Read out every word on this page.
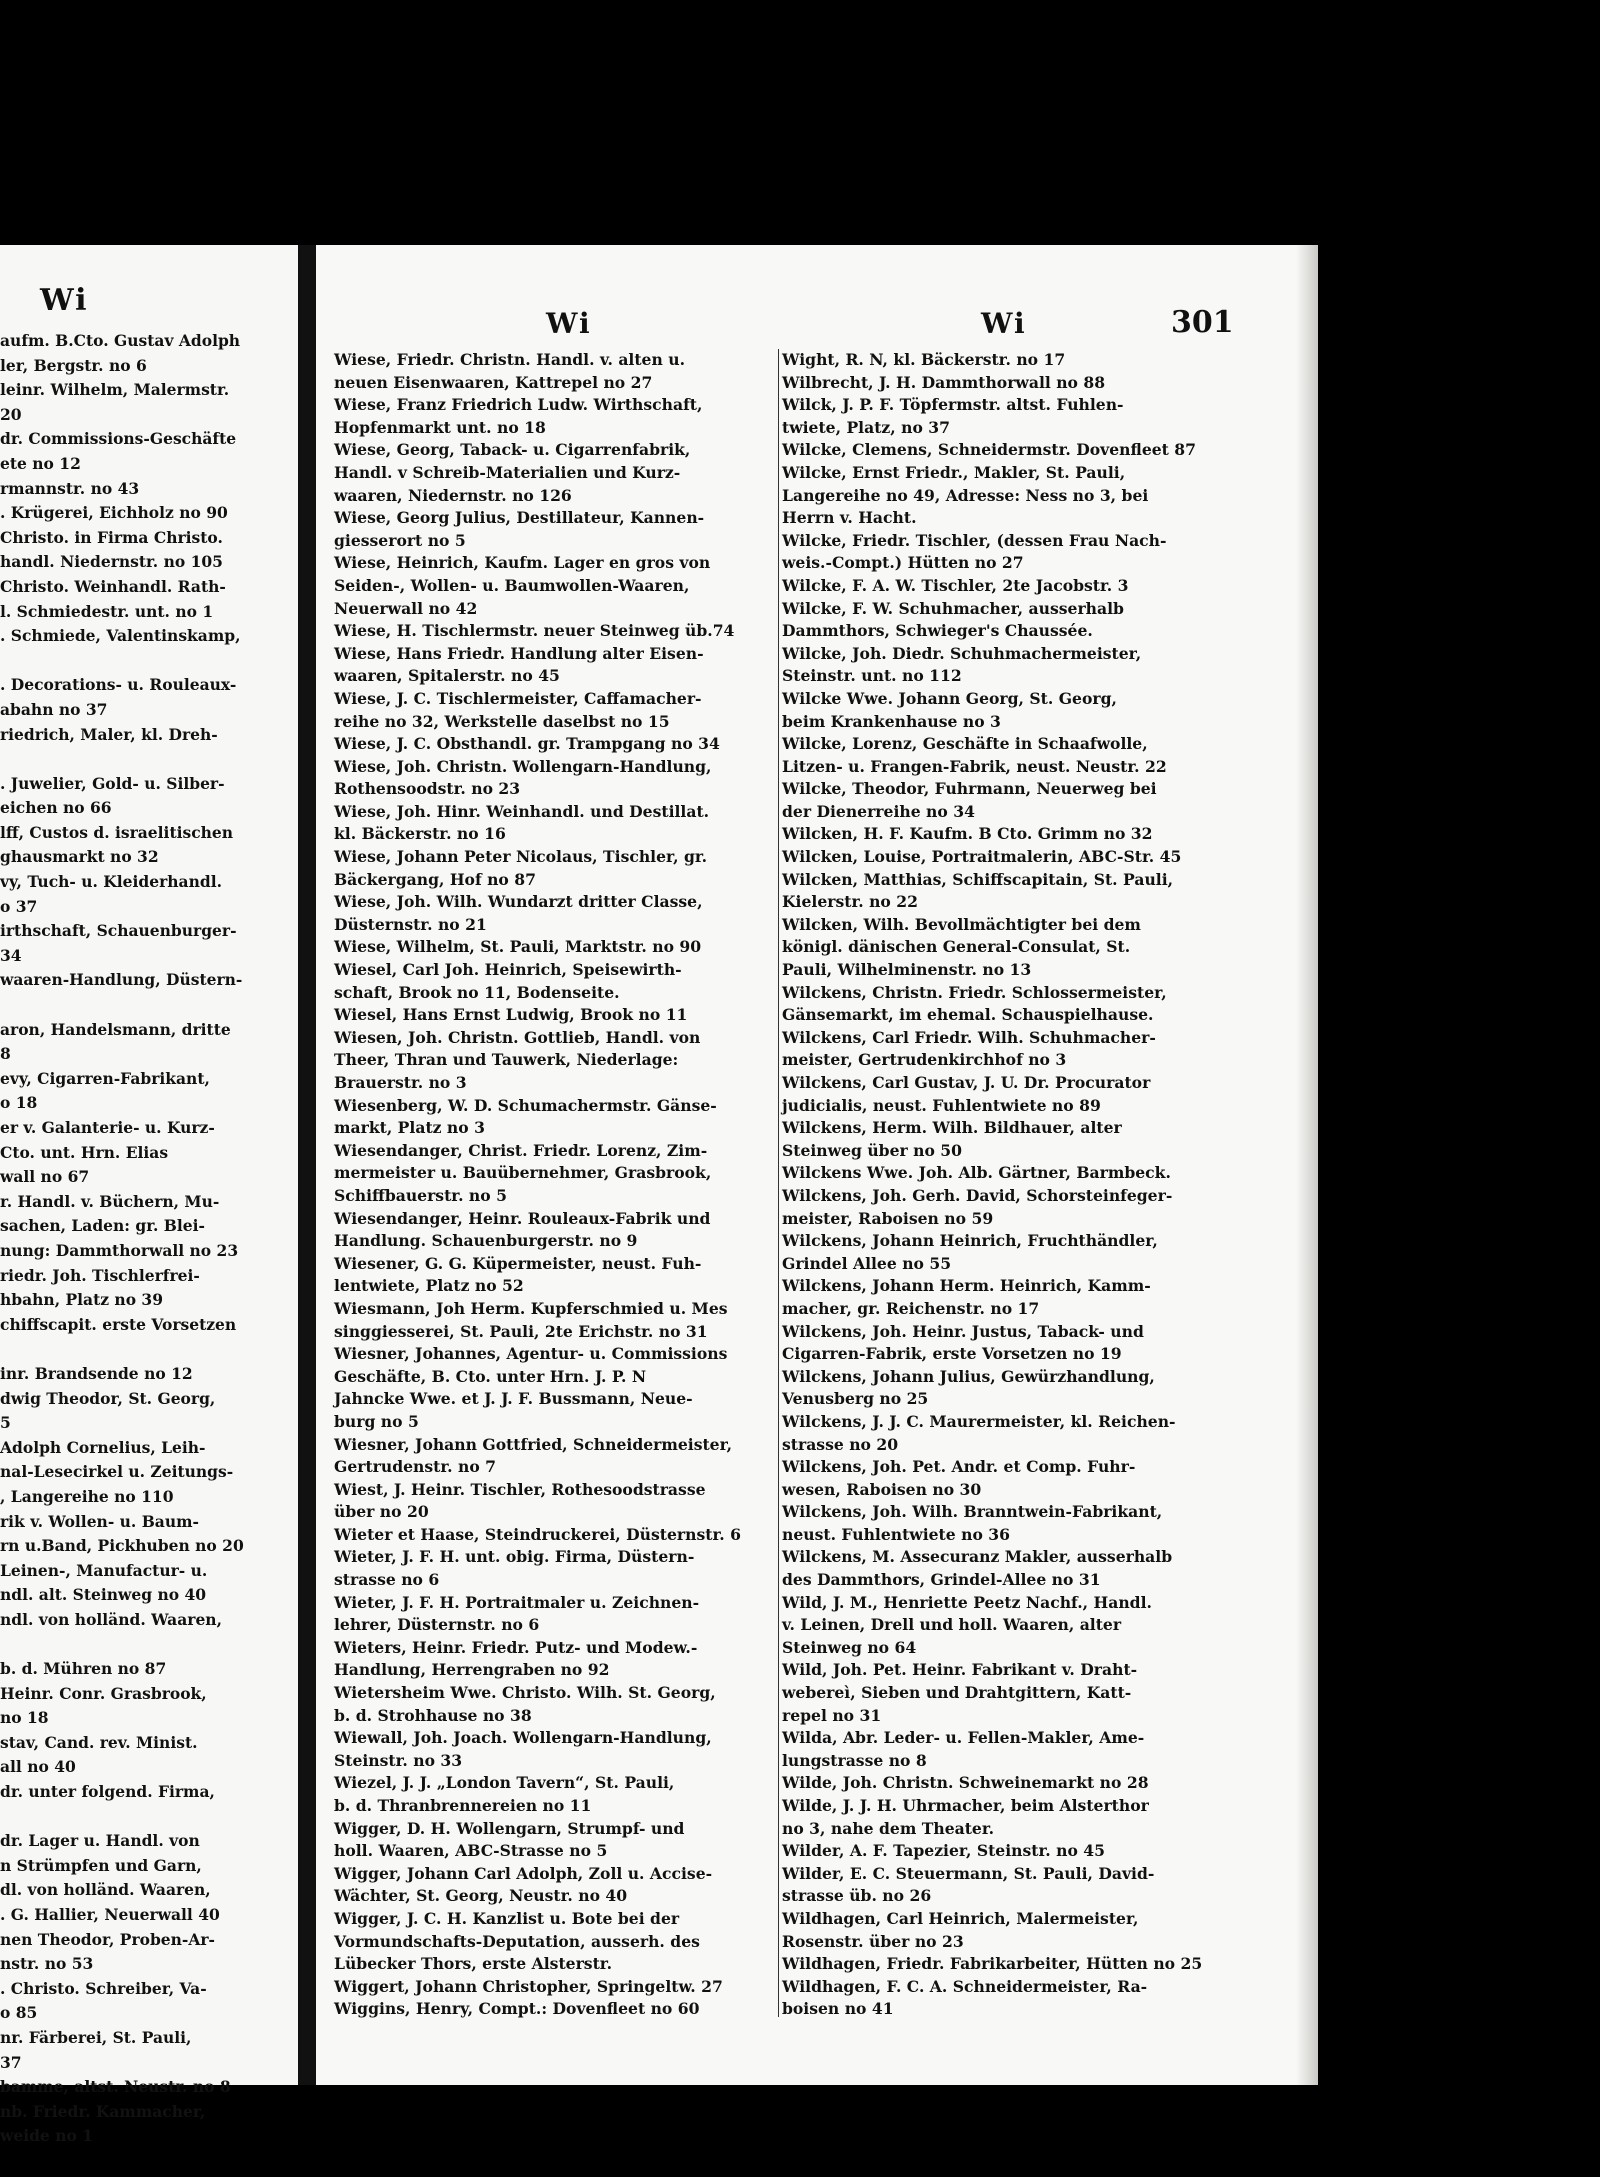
Wi
aufm. B.Cto. Gustav Adolph
ler, Bergstr. no 6
leinr. Wilhelm, Malermstr.
20
dr. Commissions-Geschäfte
ete no 12
rmannstr. no 43
. Krügerei, Eichholz no 90
Christo. in Firma Christo.
handl. Niedernstr. no 105
Christo. Weinhandl. Rath-
l. Schmiedestr. unt. no 1
. Schmiede, Valentinskamp,
. Decorations- u. Rouleaux-
abahn no 37
riedrich, Maler, kl. Dreh-
. Juwelier, Gold- u. Silber-
eichen no 66
lff, Custos d. israelitischen
ghausmarkt no 32
vy, Tuch- u. Kleiderhandl.
o 37
irthschaft, Schauenburger-
34
waaren-Handlung, Düstern-
aron, Handelsmann, dritte
8
evy, Cigarren-Fabrikant,
o 18
er v. Galanterie- u. Kurz-
Cto. unt. Hrn. Elias
wall no 67
r. Handl. v. Büchern, Mu-
sachen, Laden: gr. Blei-
nung: Dammthorwall no 23
riedr. Joh. Tischlerfrei-
hbahn, Platz no 39
chiffscapit. erste Vorsetzen
inr. Brandsende no 12
dwig Theodor, St. Georg,
5
Adolph Cornelius, Leih-
nal-Lesecirkel u. Zeitungs-
, Langereihe no 110
rik v. Wollen- u. Baum-
rn u.Band, Pickhuben no 20
Leinen-, Manufactur- u.
ndl. alt. Steinweg no 40
ndl. von holländ. Waaren,
b. d. Mühren no 87
Heinr. Conr. Grasbrook,
no 18
stav, Cand. rev. Minist.
all no 40
dr. unter folgend. Firma,
dr. Lager u. Handl. von
n Strümpfen und Garn,
dl. von holländ. Waaren,
. G. Hallier, Neuerwall 40
nen Theodor, Proben-Ar-
nstr. no 53
. Christo. Schreiber, Va-
o 85
nr. Färberei, St. Pauli,
37
bamme, altst. Neustr. no 8
nb. Friedr. Kammacher,
weide no 1
Wi	Wi	301
Wiese, Friedr. Christn. Handl. v. alten u.
neuen Eisenwaaren, Kattrepel no 27
Wiese, Franz Friedrich Ludw. Wirthschaft,
Hopfenmarkt unt. no 18
Wiese, Georg, Taback- u. Cigarrenfabrik,
Handl. v Schreib-Materialien und Kurz-
waaren, Niedernstr. no 126
Wiese, Georg Julius, Destillateur, Kannen-
giesserort no 5
Wiese, Heinrich, Kaufm. Lager en gros von
Seiden-, Wollen- u. Baumwollen-Waaren,
Neuerwall no 42
Wiese, H. Tischlermstr. neuer Steinweg üb.74
Wiese, Hans Friedr. Handlung alter Eisen-
waaren, Spitalerstr. no 45
Wiese, J. C. Tischlermeister, Caffamacher-
reihe no 32, Werkstelle daselbst no 15
Wiese, J. C. Obsthandl. gr. Trampgang no 34
Wiese, Joh. Christn. Wollengarn-Handlung,
Rothensoodstr. no 23
Wiese, Joh. Hinr. Weinhandl. und Destillat.
kl. Bäckerstr. no 16
Wiese, Johann Peter Nicolaus, Tischler, gr.
Bäckergang, Hof no 87
Wiese, Joh. Wilh. Wundarzt dritter Classe,
Düsternstr. no 21
Wiese, Wilhelm, St. Pauli, Marktstr. no 90
Wiesel, Carl Joh. Heinrich, Speisewirth-
schaft, Brook no 11, Bodenseite.
Wiesel, Hans Ernst Ludwig, Brook no 11
Wiesen, Joh. Christn. Gottlieb, Handl. von
Theer, Thran und Tauwerk, Niederlage:
Brauerstr. no 3
Wiesenberg, W. D. Schumachermstr. Gänse-
markt, Platz no 3
Wiesendanger, Christ. Friedr. Lorenz, Zim-
mermeister u. Bauübernehmer, Grasbrook,
Schiffbauerstr. no 5
Wiesendanger, Heinr. Rouleaux-Fabrik und
Handlung. Schauenburgerstr. no 9
Wiesener, G. G. Küpermeister, neust. Fuh-
lentwiete, Platz no 52
Wiesmann, Joh Herm. Kupferschmied u. Mes
singgiesserei, St. Pauli, 2te Erichstr. no 31
Wiesner, Johannes, Agentur- u. Commissions
Geschäfte, B. Cto. unter Hrn. J. P. N
Jahncke Wwe. et J. J. F. Bussmann, Neue-
burg no 5
Wiesner, Johann Gottfried, Schneidermeister,
Gertrudenstr. no 7
Wiest, J. Heinr. Tischler, Rothesoodstrasse
über no 20
Wieter et Haase, Steindruckerei, Düsternstr. 6
Wieter, J. F. H. unt. obig. Firma, Düstern-
strasse no 6
Wieter, J. F. H. Portraitmaler u. Zeichnen-
lehrer, Düsternstr. no 6
Wieters, Heinr. Friedr. Putz- und Modew.-
Handlung, Herrengraben no 92
Wietersheim Wwe. Christo. Wilh. St. Georg,
b. d. Strohhause no 38
Wiewall, Joh. Joach. Wollengarn-Handlung,
Steinstr. no 33
Wiezel, J. J. „London Tavern“, St. Pauli,
b. d. Thranbrennereien no 11
Wigger, D. H. Wollengarn, Strumpf- und
holl. Waaren, ABC-Strasse no 5
Wigger, Johann Carl Adolph, Zoll u. Accise-
Wächter, St. Georg, Neustr. no 40
Wigger, J. C. H. Kanzlist u. Bote bei der
Vormundschafts-Deputation, ausserh. des
Lübecker Thors, erste Alsterstr.
Wiggert, Johann Christopher, Springeltw. 27
Wiggins, Henry, Compt.: Dovenfleet no 60
Wight, R. N, kl. Bäckerstr. no 17
Wilbrecht, J. H. Dammthorwall no 88
Wilck, J. P. F. Töpfermstr. altst. Fuhlen-
twiete, Platz, no 37
Wilcke, Clemens, Schneidermstr. Dovenfleet 87
Wilcke, Ernst Friedr., Makler, St. Pauli,
Langereihe no 49, Adresse: Ness no 3, bei
Herrn v. Hacht.
Wilcke, Friedr. Tischler, (dessen Frau Nach-
weis.-Compt.) Hütten no 27
Wilcke, F. A. W. Tischler, 2te Jacobstr. 3
Wilcke, F. W. Schuhmacher, ausserhalb
Dammthors, Schwieger's Chaussée.
Wilcke, Joh. Diedr. Schuhmachermeister,
Steinstr. unt. no 112
Wilcke Wwe. Johann Georg, St. Georg,
beim Krankenhause no 3
Wilcke, Lorenz, Geschäfte in Schaafwolle,
Litzen- u. Frangen-Fabrik, neust. Neustr. 22
Wilcke, Theodor, Fuhrmann, Neuerweg bei
der Dienerreihe no 34
Wilcken, H. F. Kaufm. B Cto. Grimm no 32
Wilcken, Louise, Portraitmalerin, ABC-Str. 45
Wilcken, Matthias, Schiffscapitain, St. Pauli,
Kielerstr. no 22
Wilcken, Wilh. Bevollmächtigter bei dem
königl. dänischen General-Consulat, St.
Pauli, Wilhelminenstr. no 13
Wilckens, Christn. Friedr. Schlossermeister,
Gänsemarkt, im ehemal. Schauspielhause.
Wilckens, Carl Friedr. Wilh. Schuhmacher-
meister, Gertrudenkirchhof no 3
Wilckens, Carl Gustav, J. U. Dr. Procurator
judicialis, neust. Fuhlentwiete no 89
Wilckens, Herm. Wilh. Bildhauer, alter
Steinweg über no 50
Wilckens Wwe. Joh. Alb. Gärtner, Barmbeck.
Wilckens, Joh. Gerh. David, Schorsteinfeger-
meister, Raboisen no 59
Wilckens, Johann Heinrich, Fruchthändler,
Grindel Allee no 55
Wilckens, Johann Herm. Heinrich, Kamm-
macher, gr. Reichenstr. no 17
Wilckens, Joh. Heinr. Justus, Taback- und
Cigarren-Fabrik, erste Vorsetzen no 19
Wilckens, Johann Julius, Gewürzhandlung,
Venusberg no 25
Wilckens, J. J. C. Maurermeister, kl. Reichen-
strasse no 20
Wilckens, Joh. Pet. Andr. et Comp. Fuhr-
wesen, Raboisen no 30
Wilckens, Joh. Wilh. Branntwein-Fabrikant,
neust. Fuhlentwiete no 36
Wilckens, M. Assecuranz Makler, ausserhalb
des Dammthors, Grindel-Allee no 31
Wild, J. M., Henriette Peetz Nachf., Handl.
v. Leinen, Drell und holl. Waaren, alter
Steinweg no 64
Wild, Joh. Pet. Heinr. Fabrikant v. Draht-
webereì, Sieben und Drahtgittern, Katt-
repel no 31
Wilda, Abr. Leder- u. Fellen-Makler, Ame-
lungstrasse no 8
Wilde, Joh. Christn. Schweinemarkt no 28
Wilde, J. J. H. Uhrmacher, beim Alsterthor
no 3, nahe dem Theater.
Wilder, A. F. Tapezier, Steinstr. no 45
Wilder, E. C. Steuermann, St. Pauli, David-
strasse üb. no 26
Wildhagen, Carl Heinrich, Malermeister,
Rosenstr. über no 23
Wildhagen, Friedr. Fabrikarbeiter, Hütten no 25
Wildhagen, F. C. A. Schneidermeister, Ra-
boisen no 41
